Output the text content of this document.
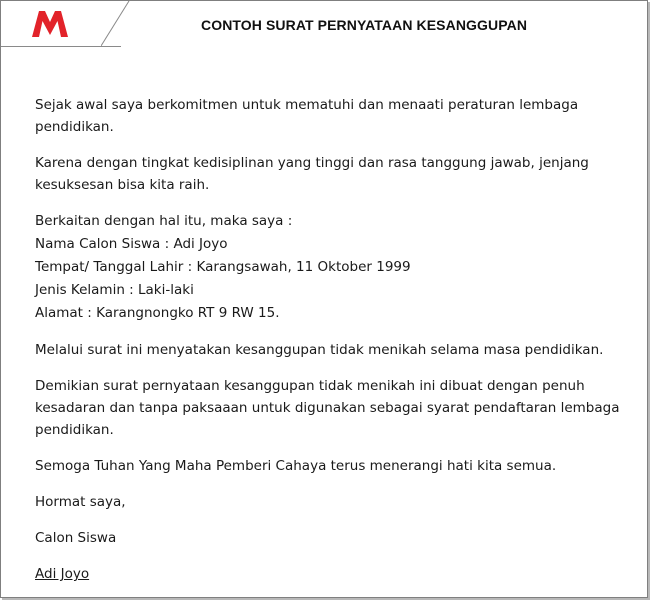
CONTOH SURAT PERNYATAAN KESANGGUPAN

Sejak awal saya berkomitmen untuk mematuhi dan menaati peraturan lembaga pendidikan.

Karena dengan tingkat kedisiplinan yang tinggi dan rasa tanggung jawab, jenjang kesuksesan bisa kita raih.

Berkaitan dengan hal itu, maka saya :
Nama Calon Siswa : Adi Joyo
Tempat/ Tanggal Lahir : Karangsawah, 11 Oktober 1999
Jenis Kelamin : Laki-laki
Alamat : Karangnongko RT 9 RW 15.

Melalui surat ini menyatakan kesanggupan tidak menikah selama masa pendidikan.

Demikian surat pernyataan kesanggupan tidak menikah ini dibuat dengan penuh kesadaran dan tanpa paksaaan untuk digunakan sebagai syarat pendaftaran lembaga pendidikan.

Semoga Tuhan Yang Maha Pemberi Cahaya terus menerangi hati kita semua.

Hormat saya,

Calon Siswa

Adi Joyo
